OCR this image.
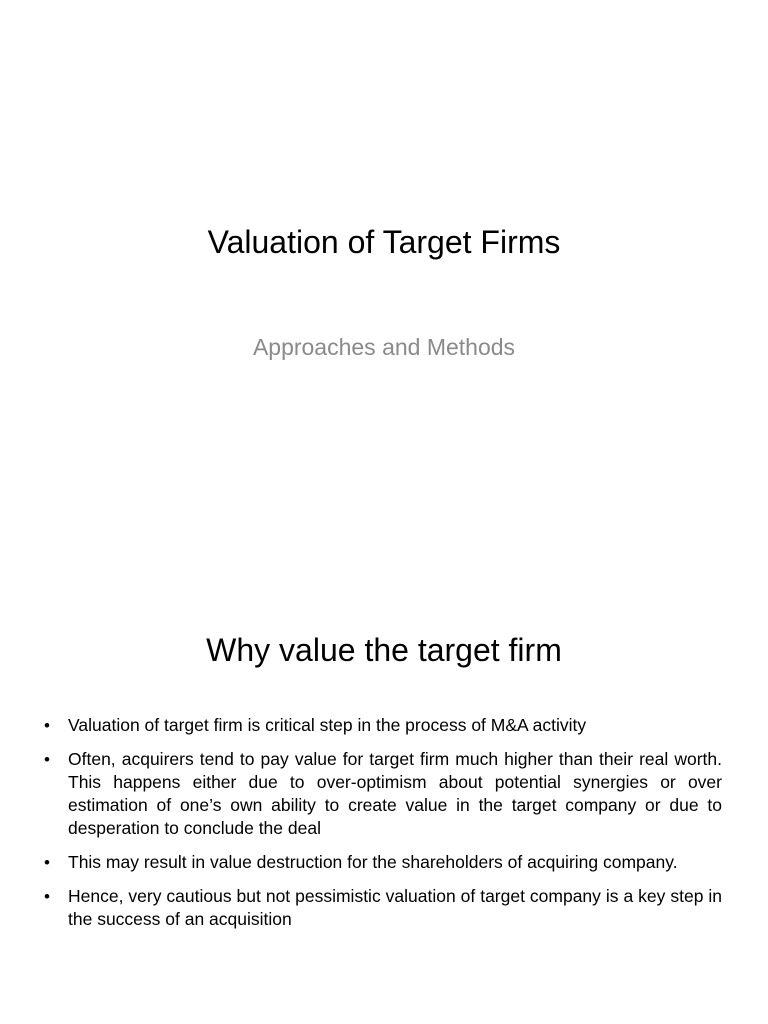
Valuation of Target Firms
Approaches and Methods
Why value the target firm
•	Valuation of target firm is critical step in the process of M&A activity
•	Often, acquirers tend to pay value for target firm much higher than their real worth. This happens either due to over-optimism about potential synergies or over estimation of one’s own ability to create value in the target company or due to desperation to conclude the deal
•	This may result in value destruction for the shareholders of acquiring company.
•	Hence, very cautious but not pessimistic valuation of target company is a key step in the success of an acquisition
